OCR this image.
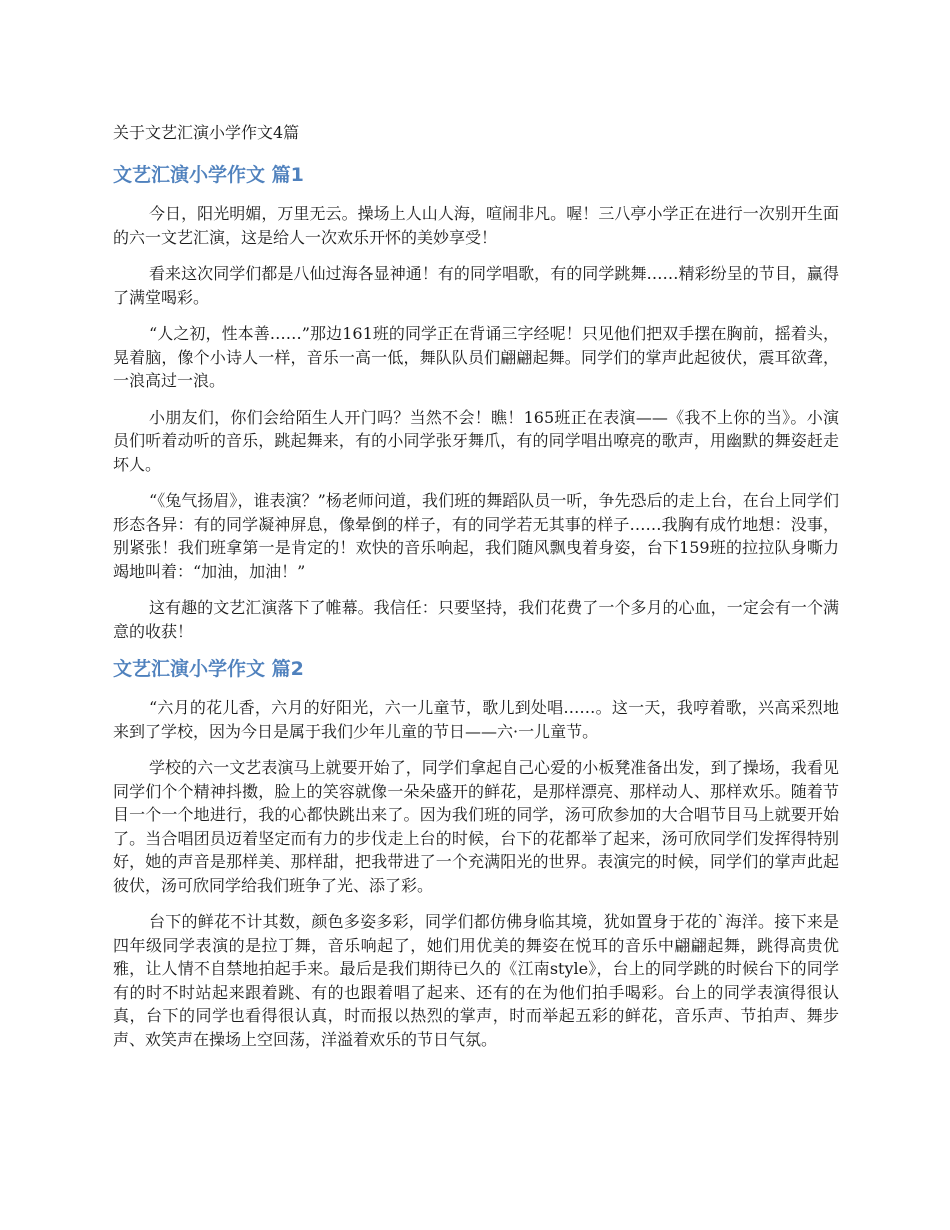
关于文艺汇演小学作文4篇
文艺汇演小学作文 篇1

今日，阳光明媚，万里无云。操场上人山人海，喧闹非凡。喔！三八亭小学正在进行一次别开生面的六一文艺汇演，这是给人一次欢乐开怀的美妙享受！

看来这次同学们都是八仙过海各显神通！有的同学唱歌，有的同学跳舞……精彩纷呈的节目，赢得了满堂喝彩。

“人之初，性本善……”那边161班的同学正在背诵三字经呢！只见他们把双手摆在胸前，摇着头，晃着脑，像个小诗人一样，音乐一高一低，舞队队员们翩翩起舞。同学们的掌声此起彼伏，震耳欲聋，一浪高过一浪。

小朋友们，你们会给陌生人开门吗？当然不会！瞧！165班正在表演——《我不上你的当》。小演员们听着动听的音乐，跳起舞来，有的小同学张牙舞爪，有的同学唱出嘹亮的歌声，用幽默的舞姿赶走坏人。

“《兔气扬眉》，谁表演？”杨老师问道，我们班的舞蹈队员一听，争先恐后的走上台，在台上同学们形态各异：有的同学凝神屏息，像晕倒的样子，有的同学若无其事的样子……我胸有成竹地想：没事，别紧张！我们班拿第一是肯定的！欢快的音乐响起，我们随风飘曳着身姿，台下159班的拉拉队身嘶力竭地叫着：“加油，加油！”

这有趣的文艺汇演落下了帷幕。我信任：只要坚持，我们花费了一个多月的心血，一定会有一个满意的收获！

文艺汇演小学作文 篇2

“六月的花儿香，六月的好阳光，六一儿童节，歌儿到处唱……。这一天，我哼着歌，兴高采烈地来到了学校，因为今日是属于我们少年儿童的节日——六·一儿童节。

学校的六一文艺表演马上就要开始了，同学们拿起自己心爱的小板凳准备出发，到了操场，我看见同学们个个精神抖擞，脸上的笑容就像一朵朵盛开的鲜花，是那样漂亮、那样动人、那样欢乐。随着节目一个一个地进行，我的心都快跳出来了。因为我们班的同学，汤可欣参加的大合唱节目马上就要开始了。当合唱团员迈着坚定而有力的步伐走上台的时候，台下的花都举了起来，汤可欣同学们发挥得特别好，她的声音是那样美、那样甜，把我带进了一个充满阳光的世界。表演完的时候，同学们的掌声此起彼伏，汤可欣同学给我们班争了光、添了彩。

台下的鲜花不计其数，颜色多姿多彩，同学们都仿佛身临其境，犹如置身于花的`海洋。接下来是四年级同学表演的是拉丁舞，音乐响起了，她们用优美的舞姿在悦耳的音乐中翩翩起舞，跳得高贵优雅，让人情不自禁地拍起手来。最后是我们期待已久的《江南style》，台上的同学跳的时候台下的同学有的时不时站起来跟着跳、有的也跟着唱了起来、还有的在为他们拍手喝彩。台上的同学表演得很认真，台下的同学也看得很认真，时而报以热烈的掌声，时而举起五彩的鲜花，音乐声、节拍声、舞步声、欢笑声在操场上空回荡，洋溢着欢乐的节日气氛。
